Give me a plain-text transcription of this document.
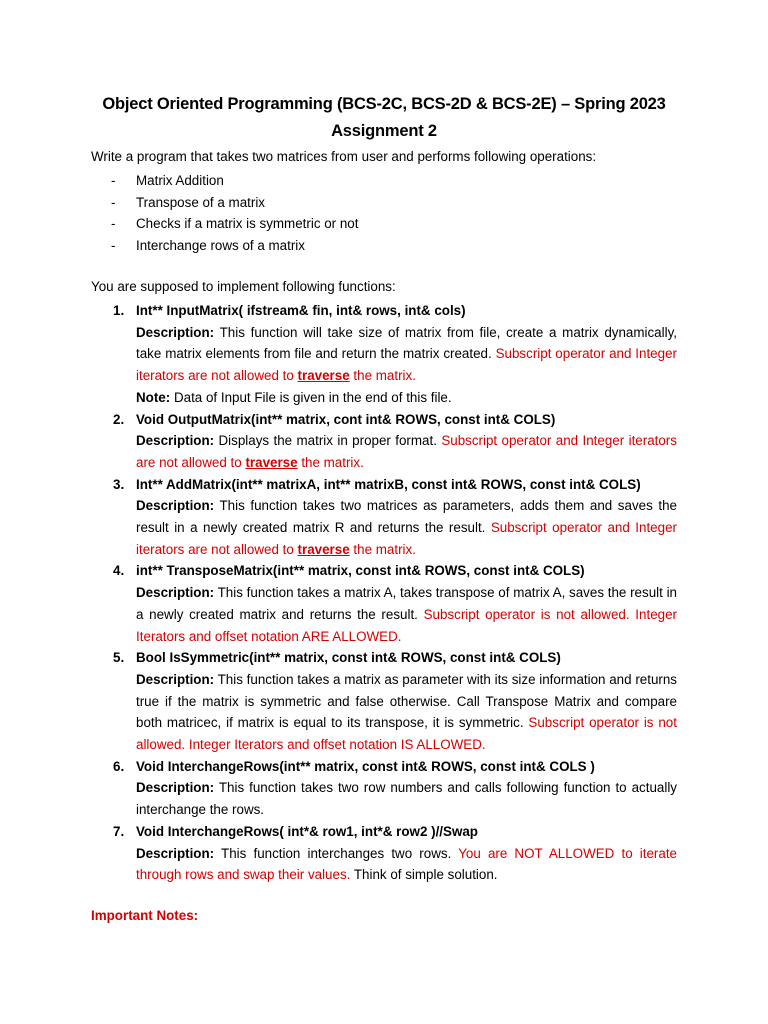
Object Oriented Programming (BCS-2C, BCS-2D & BCS-2E) – Spring 2023
Assignment 2
Write a program that takes two matrices from user and performs following operations:
- Matrix Addition
- Transpose of a matrix
- Checks if a matrix is symmetric or not
- Interchange rows of a matrix
You are supposed to implement following functions:
1. Int** InputMatrix( ifstream& fin, int& rows, int& cols)
Description: This function will take size of matrix from file, create a matrix dynamically, take matrix elements from file and return the matrix created. Subscript operator and Integer iterators are not allowed to traverse the matrix.
Note: Data of Input File is given in the end of this file.
2. Void OutputMatrix(int** matrix, cont int& ROWS, const int& COLS)
Description: Displays the matrix in proper format. Subscript operator and Integer iterators are not allowed to traverse the matrix.
3. Int** AddMatrix(int** matrixA, int** matrixB, const int& ROWS, const int& COLS)
Description: This function takes two matrices as parameters, adds them and saves the result in a newly created matrix R and returns the result. Subscript operator and Integer iterators are not allowed to traverse the matrix.
4. int** TransposeMatrix(int** matrix, const int& ROWS, const int& COLS)
Description: This function takes a matrix A, takes transpose of matrix A, saves the result in a newly created matrix and returns the result. Subscript operator is not allowed. Integer Iterators and offset notation ARE ALLOWED.
5. Bool IsSymmetric(int** matrix, const int& ROWS, const int& COLS)
Description: This function takes a matrix as parameter with its size information and returns true if the matrix is symmetric and false otherwise. Call Transpose Matrix and compare both matricec, if matrix is equal to its transpose, it is symmetric. Subscript operator is not allowed. Integer Iterators and offset notation IS ALLOWED.
6. Void InterchangeRows(int** matrix, const int& ROWS, const int& COLS )
Description: This function takes two row numbers and calls following function to actually interchange the rows.
7. Void InterchangeRows( int*& row1, int*& row2 )//Swap
Description: This function interchanges two rows. You are NOT ALLOWED to iterate through rows and swap their values. Think of simple solution.
Important Notes:
